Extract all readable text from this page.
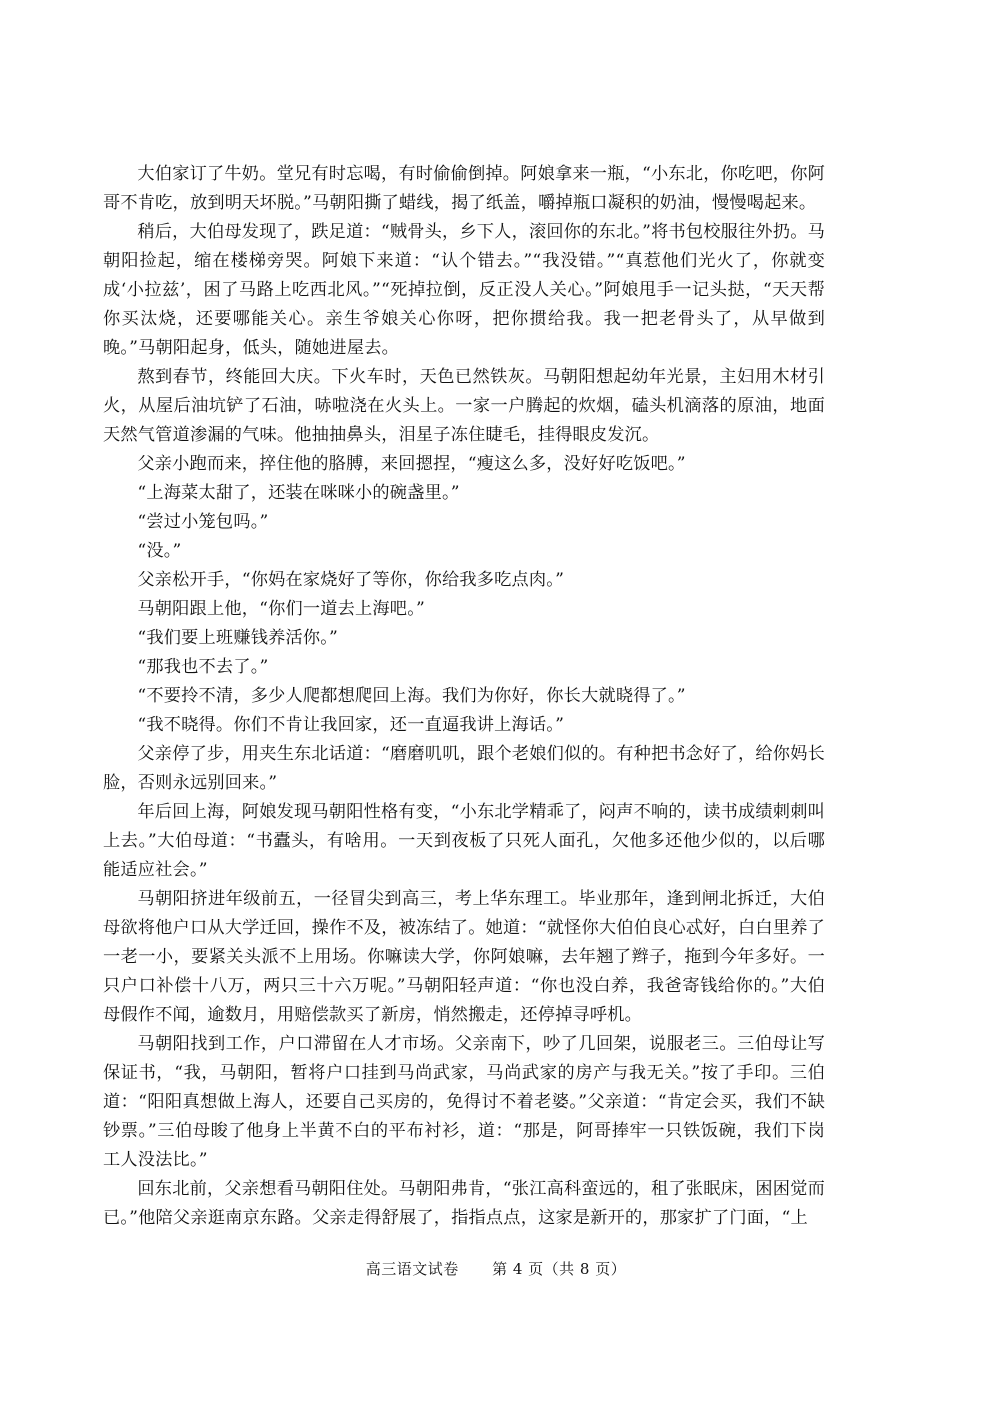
大伯家订了牛奶。堂兄有时忘喝，有时偷偷倒掉。阿娘拿来一瓶，“小东北，你吃吧，你阿哥不肯吃，放到明天坏脱。”马朝阳撕了蜡线，揭了纸盖，嚼掉瓶口凝积的奶油，慢慢喝起来。

稍后，大伯母发现了，跌足道：“贼骨头，乡下人，滚回你的东北。”将书包校服往外扔。马朝阳捡起，缩在楼梯旁哭。阿娘下来道：“认个错去。”“我没错。”“真惹他们光火了，你就变成‘小拉兹’，困了马路上吃西北风。”“死掉拉倒，反正没人关心。”阿娘甩手一记头挞，“天天帮你买汰烧，还要哪能关心。亲生爷娘关心你呀，把你掼给我。我一把老骨头了，从早做到晚。”马朝阳起身，低头，随她进屋去。

熬到春节，终能回大庆。下火车时，天色已然铁灰。马朝阳想起幼年光景，主妇用木材引火，从屋后油坑铲了石油，哧啦浇在火头上。一家一户腾起的炊烟，磕头机滴落的原油，地面天然气管道渗漏的气味。他抽抽鼻头，泪星子冻住睫毛，挂得眼皮发沉。

父亲小跑而来，捽住他的胳膊，来回摁捏，“瘦这么多，没好好吃饭吧。”

“上海菜太甜了，还装在咪咪小的碗盏里。”

“尝过小笼包吗。”

“没。”

父亲松开手，“你妈在家烧好了等你，你给我多吃点肉。”

马朝阳跟上他，“你们一道去上海吧。”

“我们要上班赚钱养活你。”

“那我也不去了。”

“不要拎不清，多少人爬都想爬回上海。我们为你好，你长大就晓得了。”

“我不晓得。你们不肯让我回家，还一直逼我讲上海话。”

父亲停了步，用夹生东北话道：“磨磨叽叽，跟个老娘们似的。有种把书念好了，给你妈长脸，否则永远别回来。”

年后回上海，阿娘发现马朝阳性格有变，“小东北学精乖了，闷声不响的，读书成绩刺刺叫上去。”大伯母道：“书蠹头，有啥用。一天到夜板了只死人面孔，欠他多还他少似的，以后哪能适应社会。”

马朝阳挤进年级前五，一径冒尖到高三，考上华东理工。毕业那年，逢到闸北拆迁，大伯母欲将他户口从大学迁回，操作不及，被冻结了。她道：“就怪你大伯伯良心忒好，白白里养了一老一小，要紧关头派不上用场。你嘛读大学，你阿娘嘛，去年翘了辫子，拖到今年多好。一只户口补偿十八万，两只三十六万呢。”马朝阳轻声道：“你也没白养，我爸寄钱给你的。”大伯母假作不闻，逾数月，用赔偿款买了新房，悄然搬走，还停掉寻呼机。

马朝阳找到工作，户口滞留在人才市场。父亲南下，吵了几回架，说服老三。三伯母让写保证书，“我，马朝阳，暂将户口挂到马尚武家，马尚武家的房产与我无关。”按了手印。三伯道：“阳阳真想做上海人，还要自己买房的，免得讨不着老婆。”父亲道：“肯定会买，我们不缺钞票。”三伯母睃了他身上半黄不白的平布衬衫，道：“那是，阿哥捧牢一只铁饭碗，我们下岗工人没法比。”

回东北前，父亲想看马朝阳住处。马朝阳弗肯，“张江高科蛮远的，租了张眠床，困困觉而已。”他陪父亲逛南京东路。父亲走得舒展了，指指点点，这家是新开的，那家扩了门面，“上

高三语文试卷 第 4 页（共 8 页）
